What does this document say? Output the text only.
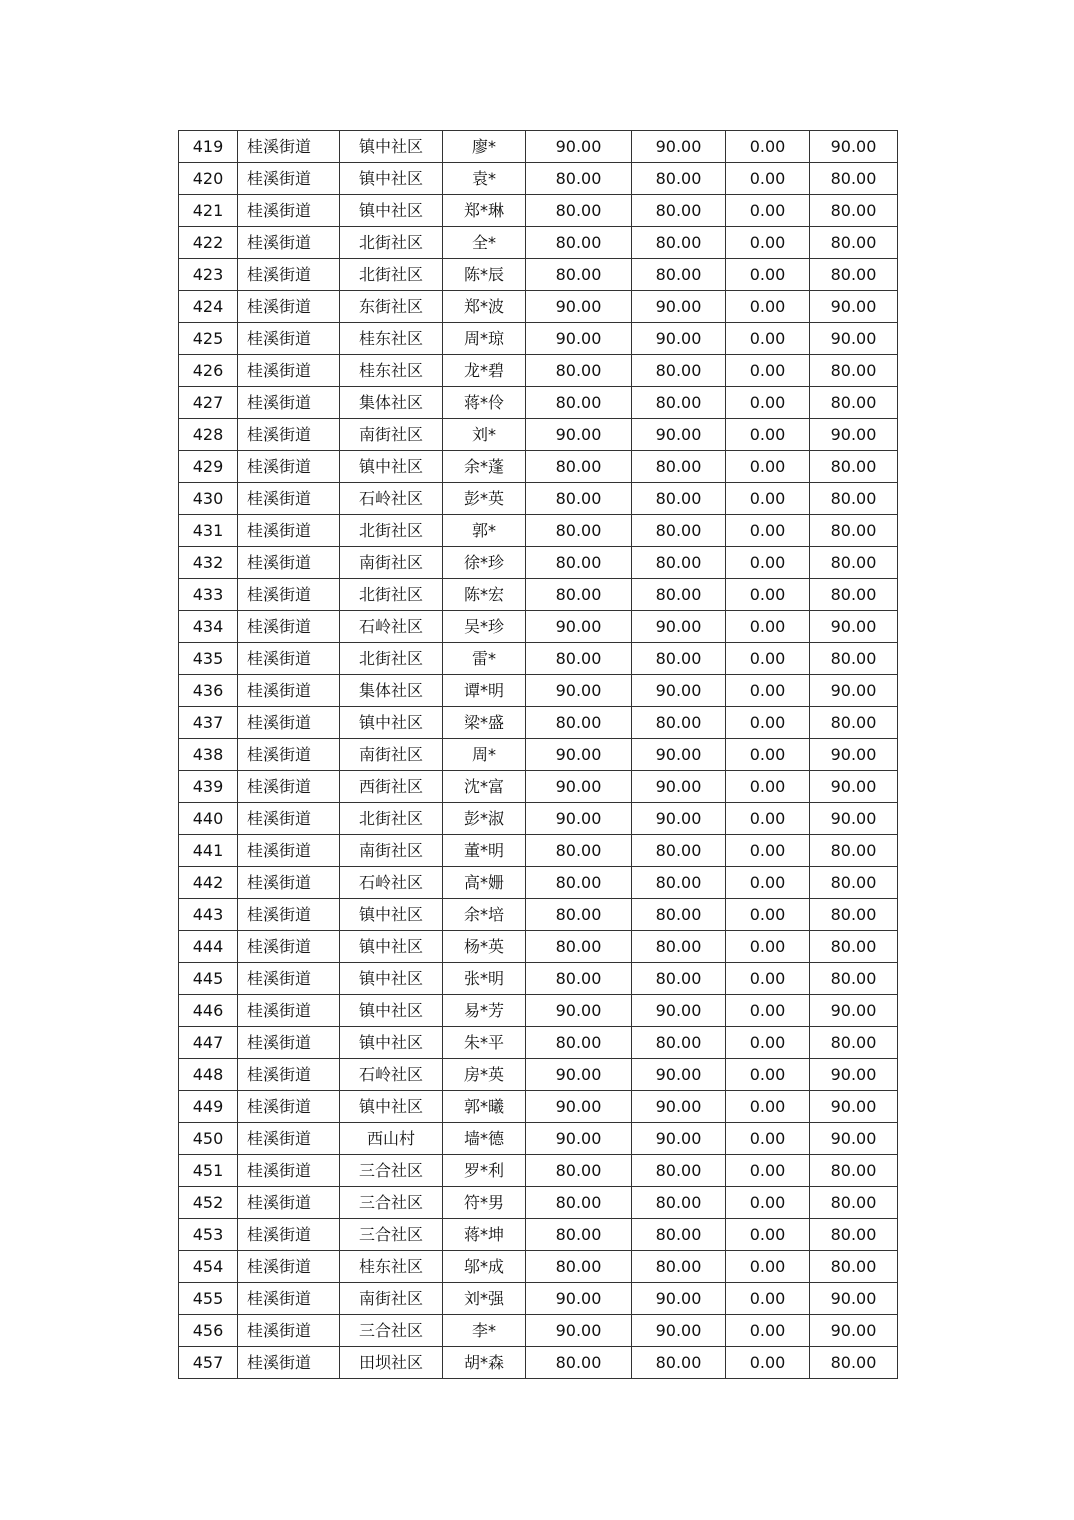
419	桂溪街道	镇中社区	廖*	90.00	90.00	0.00	90.00
420	桂溪街道	镇中社区	袁*	80.00	80.00	0.00	80.00
421	桂溪街道	镇中社区	郑*琳	80.00	80.00	0.00	80.00
422	桂溪街道	北街社区	全*	80.00	80.00	0.00	80.00
423	桂溪街道	北街社区	陈*辰	80.00	80.00	0.00	80.00
424	桂溪街道	东街社区	郑*波	90.00	90.00	0.00	90.00
425	桂溪街道	桂东社区	周*琼	90.00	90.00	0.00	90.00
426	桂溪街道	桂东社区	龙*碧	80.00	80.00	0.00	80.00
427	桂溪街道	集体社区	蒋*伶	80.00	80.00	0.00	80.00
428	桂溪街道	南街社区	刘*	90.00	90.00	0.00	90.00
429	桂溪街道	镇中社区	余*蓬	80.00	80.00	0.00	80.00
430	桂溪街道	石岭社区	彭*英	80.00	80.00	0.00	80.00
431	桂溪街道	北街社区	郭*	80.00	80.00	0.00	80.00
432	桂溪街道	南街社区	徐*珍	80.00	80.00	0.00	80.00
433	桂溪街道	北街社区	陈*宏	80.00	80.00	0.00	80.00
434	桂溪街道	石岭社区	吴*珍	90.00	90.00	0.00	90.00
435	桂溪街道	北街社区	雷*	80.00	80.00	0.00	80.00
436	桂溪街道	集体社区	谭*明	90.00	90.00	0.00	90.00
437	桂溪街道	镇中社区	梁*盛	80.00	80.00	0.00	80.00
438	桂溪街道	南街社区	周*	90.00	90.00	0.00	90.00
439	桂溪街道	西街社区	沈*富	90.00	90.00	0.00	90.00
440	桂溪街道	北街社区	彭*淑	90.00	90.00	0.00	90.00
441	桂溪街道	南街社区	董*明	80.00	80.00	0.00	80.00
442	桂溪街道	石岭社区	高*姗	80.00	80.00	0.00	80.00
443	桂溪街道	镇中社区	余*培	80.00	80.00	0.00	80.00
444	桂溪街道	镇中社区	杨*英	80.00	80.00	0.00	80.00
445	桂溪街道	镇中社区	张*明	80.00	80.00	0.00	80.00
446	桂溪街道	镇中社区	易*芳	90.00	90.00	0.00	90.00
447	桂溪街道	镇中社区	朱*平	80.00	80.00	0.00	80.00
448	桂溪街道	石岭社区	房*英	90.00	90.00	0.00	90.00
449	桂溪街道	镇中社区	郭*曦	90.00	90.00	0.00	90.00
450	桂溪街道	西山村	墙*德	90.00	90.00	0.00	90.00
451	桂溪街道	三合社区	罗*利	80.00	80.00	0.00	80.00
452	桂溪街道	三合社区	符*男	80.00	80.00	0.00	80.00
453	桂溪街道	三合社区	蒋*坤	80.00	80.00	0.00	80.00
454	桂溪街道	桂东社区	邬*成	80.00	80.00	0.00	80.00
455	桂溪街道	南街社区	刘*强	90.00	90.00	0.00	90.00
456	桂溪街道	三合社区	李*	90.00	90.00	0.00	90.00
457	桂溪街道	田坝社区	胡*森	80.00	80.00	0.00	80.00
